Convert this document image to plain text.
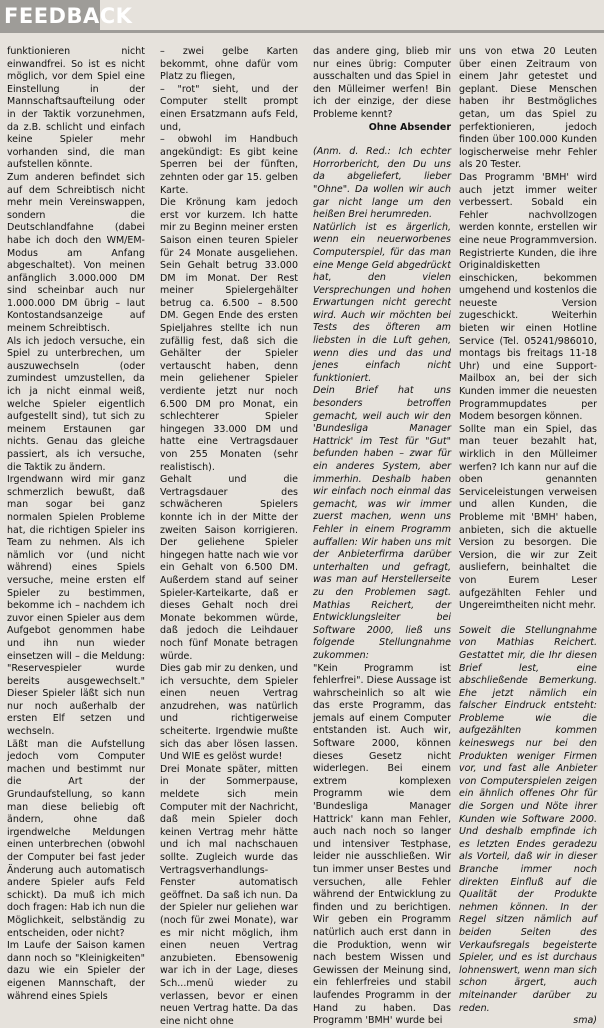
FEEDBACK

funktionieren nicht einwandfrei. So ist es nicht möglich, vor dem Spiel eine Einstellung in der Mannschaftsaufteilung oder in der Taktik vorzunehmen, da z.B. schlicht und einfach keine Spieler mehr vorhanden sind, die man aufstellen könnte.

Zum anderen befindet sich auf dem Schreibtisch nicht mehr mein Vereinswappen, sondern die Deutschlandfahne (dabei habe ich doch den WM/EM-Modus am Anfang abgeschaltet). Von meinen anfänglich 3.000.000 DM sind scheinbar auch nur 1.000.000 DM übrig – laut Kontostandsanzeige auf meinem Schreibtisch.

Als ich jedoch versuche, ein Spiel zu unterbrechen, um auszuwechseln (oder zumindest umzustellen, da ich ja nicht einmal weiß, welche Spieler eigentlich aufgestellt sind), tut sich zu meinem Erstaunen gar nichts. Genau das gleiche passiert, als ich versuche, die Taktik zu ändern.

Irgendwann wird mir ganz schmerzlich bewußt, daß man sogar bei ganz normalen Spielen Probleme hat, die richtigen Spieler ins Team zu nehmen. Als ich nämlich vor (und nicht während) eines Spiels versuche, meine ersten elf Spieler zu bestimmen, bekomme ich – nachdem ich zuvor einen Spieler aus dem Aufgebot genommen habe und ihn nun wieder einsetzen will – die Meldung: "Reservespieler wurde bereits ausgewechselt." Dieser Spieler läßt sich nun nur noch außerhalb der ersten Elf setzen und wechseln.

Läßt man die Aufstellung jedoch vom Computer machen und bestimmt nur die Art der Grundaufstellung, so kann man diese beliebig oft ändern, ohne daß irgendwelche Meldungen einen unterbrechen (obwohl der Computer bei fast jeder Änderung auch automatisch andere Spieler aufs Feld schickt). Da muß ich mich doch fragen: Hab ich nun die Möglichkeit, selbständig zu entscheiden, oder nicht?

Im Laufe der Saison kamen dann noch so "Kleinigkeiten" dazu wie ein Spieler der eigenen Mannschaft, der während eines Spiels

– zwei gelbe Karten bekommt, ohne dafür vom Platz zu fliegen,

– "rot" sieht, und der Computer stellt prompt einen Ersatzmann aufs Feld, und,

– obwohl im Handbuch angekündigt: Es gibt keine Sperren bei der fünften, zehnten oder gar 15. gelben Karte.

Die Krönung kam jedoch erst vor kurzem. Ich hatte mir zu Beginn meiner ersten Saison einen teuren Spieler für 24 Monate ausgeliehen. Sein Gehalt betrug 33.000 DM im Monat. Der Rest meiner Spielergehälter betrug ca. 6.500 – 8.500 DM. Gegen Ende des ersten Spieljahres stellte ich nun zufällig fest, daß sich die Gehälter der Spieler vertauscht haben, denn mein geliehener Spieler verdiente jetzt nur noch 6.500 DM pro Monat, ein schlechterer Spieler hingegen 33.000 DM und hatte eine Vertragsdauer von 255 Monaten (sehr realistisch).

Gehalt und die Vertragsdauer des schwächeren Spielers konnte ich in der Mitte der zweiten Saison korrigieren. Der geliehene Spieler hingegen hatte nach wie vor ein Gehalt von 6.500 DM. Außerdem stand auf seiner Spieler-Karteikarte, daß er dieses Gehalt noch drei Monate bekommen würde, daß jedoch die Leihdauer noch fünf Monate betragen würde.

Dies gab mir zu denken, und ich versuchte, dem Spieler einen neuen Vertrag anzudrehen, was natürlich und richtigerweise scheiterte. Irgendwie mußte sich das aber lösen lassen. Und WIE es gelöst wurde!

Drei Monate später, mitten in der Sommerpause, meldete sich mein Computer mit der Nachricht, daß mein Spieler doch keinen Vertrag mehr hätte und ich mal nachschauen sollte. Zugleich wurde das Vertragsverhandlungs-Fenster automatisch geöffnet. Da saß ich nun. Da der Spieler nur geliehen war (noch für zwei Monate), war es mir nicht möglich, ihm einen neuen Vertrag anzubieten. Ebensowenig war ich in der Lage, dieses Sch...menü wieder zu verlassen, bevor er einen neuen Vertrag hatte. Da das eine nicht ohne

das andere ging, blieb mir nur eines übrig: Computer ausschalten und das Spiel in den Mülleimer werfen! Bin ich der einzige, der diese Probleme kennt?

Ohne Absender

(Anm. d. Red.: Ich echter Horrorbericht, den Du uns da abgeliefert, lieber "Ohne". Da wollen wir auch gar nicht lange um den heißen Brei herumreden.

Natürlich ist es ärgerlich, wenn ein neuerworbenes Computerspiel, für das man eine Menge Geld abgedrückt hat, den vielen Versprechungen und hohen Erwartungen nicht gerecht wird. Auch wir möchten bei Tests des öfteren am liebsten in die Luft gehen, wenn dies und das und jenes einfach nicht funktioniert.

Dein Brief hat uns besonders betroffen gemacht, weil auch wir den 'Bundesliga Manager Hattrick' im Test für "Gut" befunden haben – zwar für ein anderes System, aber immerhin. Deshalb haben wir einfach noch einmal das gemacht, was wir immer zuerst machen, wenn uns Fehler in einem Programm auffallen: Wir haben uns mit der Anbieterfirma darüber unterhalten und gefragt, was man auf Herstellerseite zu den Problemen sagt. Mathias Reichert, der Entwicklungsleiter bei Software 2000, ließ uns folgende Stellungnahme zukommen:

"Kein Programm ist fehlerfrei". Diese Aussage ist wahrscheinlich so alt wie das erste Programm, das jemals auf einem Computer entstanden ist. Auch wir, Software 2000, können dieses Gesetz nicht widerlegen. Bei einem extrem komplexen Programm wie dem 'Bundesliga Manager Hattrick' kann man Fehler, auch nach noch so langer und intensiver Testphase, leider nie ausschließen. Wir tun immer unser Bestes und versuchen, alle Fehler während der Entwicklung zu finden und zu berichtigen. Wir geben ein Programm natürlich auch erst dann in die Produktion, wenn wir nach bestem Wissen und Gewissen der Meinung sind, ein fehlerfreies und stabil laufendes Programm in der Hand zu haben. Das Programm 'BMH' wurde bei

uns von etwa 20 Leuten über einen Zeitraum von einem Jahr getestet und geplant. Diese Menschen haben ihr Bestmögliches getan, um das Spiel zu perfektionieren, jedoch finden über 100.000 Kunden logischerweise mehr Fehler als 20 Tester.

Das Programm 'BMH' wird auch jetzt immer weiter verbessert. Sobald ein Fehler nachvollzogen werden konnte, erstellen wir eine neue Programmversion. Registrierte Kunden, die ihre Originaldisketten einschicken, bekommen umgehend und kostenlos die neueste Version zugeschickt. Weiterhin bieten wir einen Hotline Service (Tel. 05241/986010, montags bis freitags 11-18 Uhr) und eine Support-Mailbox an, bei der sich Kunden immer die neuesten Programmupdates per Modem besorgen können.

Sollte man ein Spiel, das man teuer bezahlt hat, wirklich in den Mülleimer werfen? Ich kann nur auf die oben genannten Serviceleistungen verweisen und allen Kunden, die Probleme mit 'BMH' haben, anbieten, sich die aktuelle Version zu besorgen. Die Version, die wir zur Zeit ausliefern, beinhaltet die von Eurem Leser aufgezählten Fehler und Ungereimtheiten nicht mehr.

Soweit die Stellungnahme von Mathias Reichert. Gestattet mir, die Ihr diesen Brief lest, eine abschließende Bemerkung. Ehe jetzt nämlich ein falscher Eindruck entsteht: Probleme wie die aufgezählten kommen keineswegs nur bei den Produkten weniger Firmen vor, und fast alle Anbieter von Computerspielen zeigen ein ähnlich offenes Ohr für die Sorgen und Nöte ihrer Kunden wie Software 2000. Und deshalb empfinde ich es letzten Endes geradezu als Vorteil, daß wir in dieser Branche immer noch direkten Einfluß auf die Qualität der Produkte nehmen können. In der Regel sitzen nämlich auf beiden Seiten des Verkaufsregals begeisterte Spieler, und es ist durchaus lohnenswert, wenn man sich schon ärgert, auch miteinander darüber zu reden.

sma)
